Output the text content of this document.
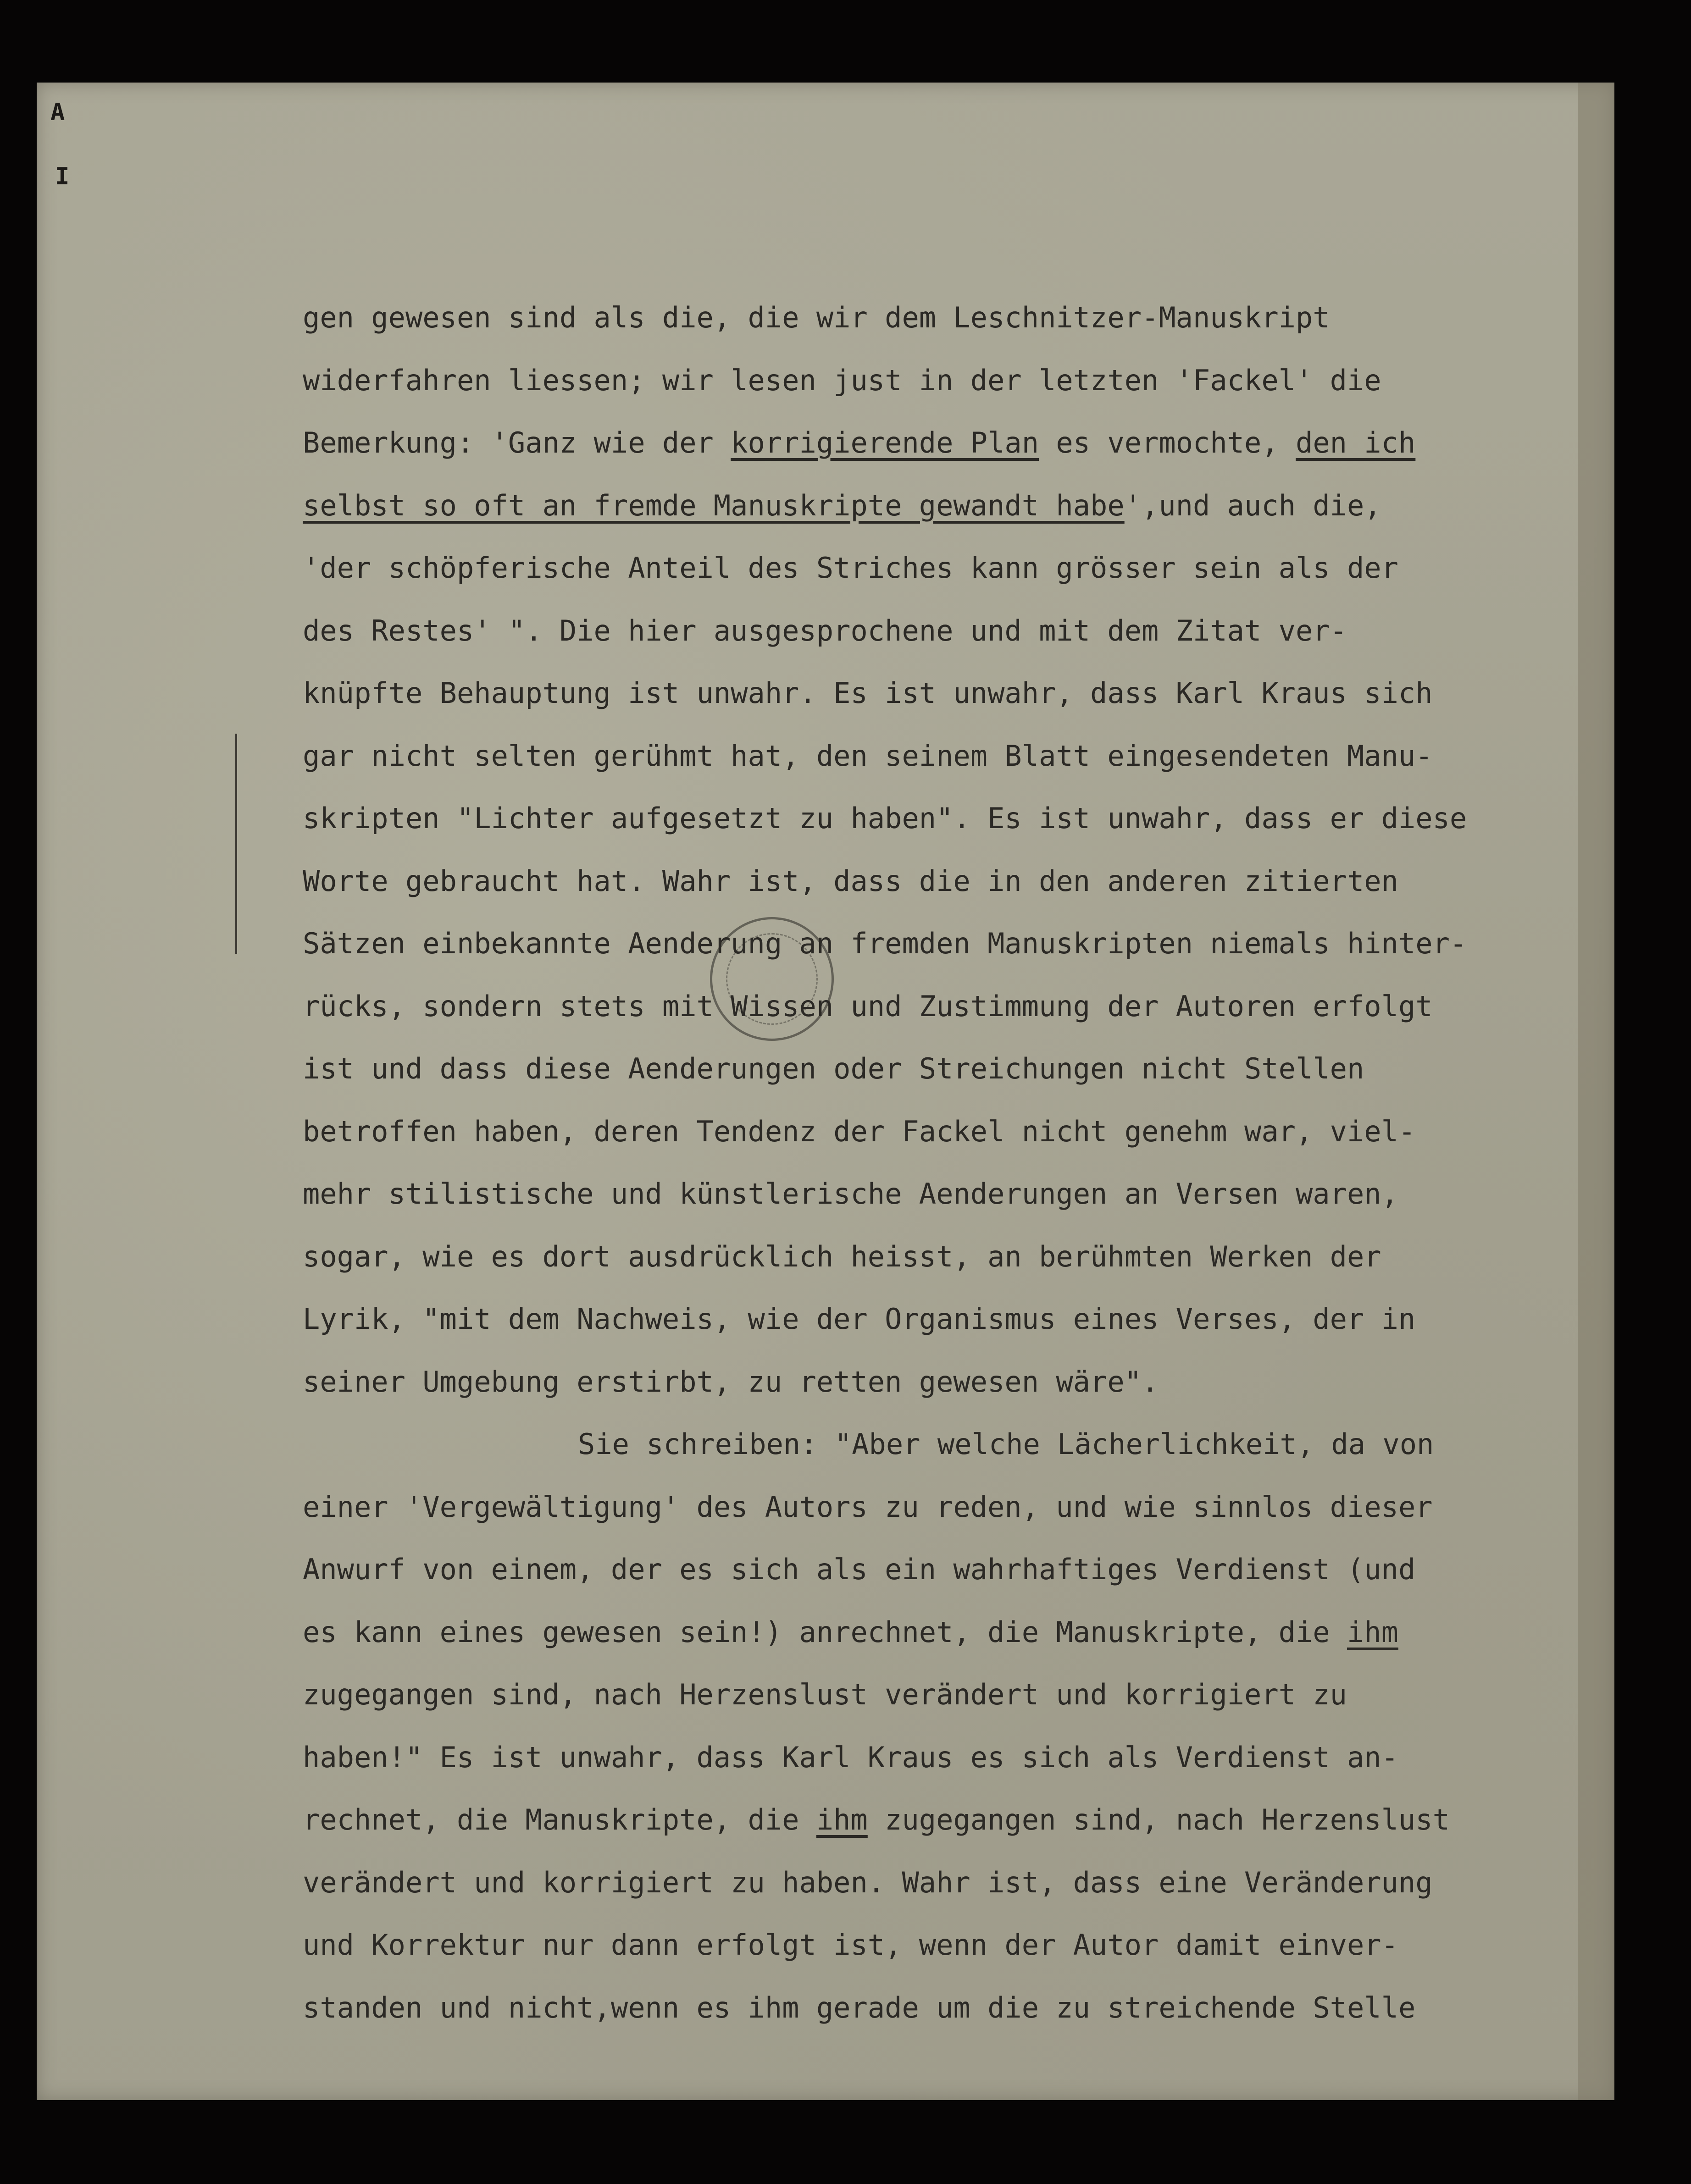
A
I
gen gewesen sind als die, die wir dem Leschnitzer-Manuskript
widerfahren liessen; wir lesen just in der letzten 'Fackel' die
Bemerkung: 'Ganz wie der korrigierende Plan es vermochte, den ich
selbst so oft an fremde Manuskripte gewandt habe',und auch die,
'der schöpferische Anteil des Striches kann grösser sein als der
des Restes' ". Die hier ausgesprochene und mit dem Zitat ver-
knüpfte Behauptung ist unwahr. Es ist unwahr, dass Karl Kraus sich
gar nicht selten gerühmt hat, den seinem Blatt eingesendeten Manu-
skripten "Lichter aufgesetzt zu haben". Es ist unwahr, dass er diese
Worte gebraucht hat. Wahr ist, dass die in den anderen zitierten
Sätzen einbekannte Aenderung an fremden Manuskripten niemals hinter-
rücks, sondern stets mit Wissen und Zustimmung der Autoren erfolgt
ist und dass diese Aenderungen oder Streichungen nicht Stellen
betroffen haben, deren Tendenz der Fackel nicht genehm war, viel-
mehr stilistische und künstlerische Aenderungen an Versen waren,
sogar, wie es dort ausdrücklich heisst, an berühmten Werken der
Lyrik, "mit dem Nachweis, wie der Organismus eines Verses, der in
seiner Umgebung erstirbt, zu retten gewesen wäre".
Sie schreiben: "Aber welche Lächerlichkeit, da von
einer 'Vergewältigung' des Autors zu reden, und wie sinnlos dieser
Anwurf von einem, der es sich als ein wahrhaftiges Verdienst (und
es kann eines gewesen sein!) anrechnet, die Manuskripte, die ihm
zugegangen sind, nach Herzenslust verändert und korrigiert zu
haben!" Es ist unwahr, dass Karl Kraus es sich als Verdienst an-
rechnet, die Manuskripte, die ihm zugegangen sind, nach Herzenslust
verändert und korrigiert zu haben. Wahr ist, dass eine Veränderung
und Korrektur nur dann erfolgt ist, wenn der Autor damit einver-
standen und nicht,wenn es ihm gerade um die zu streichende Stelle
